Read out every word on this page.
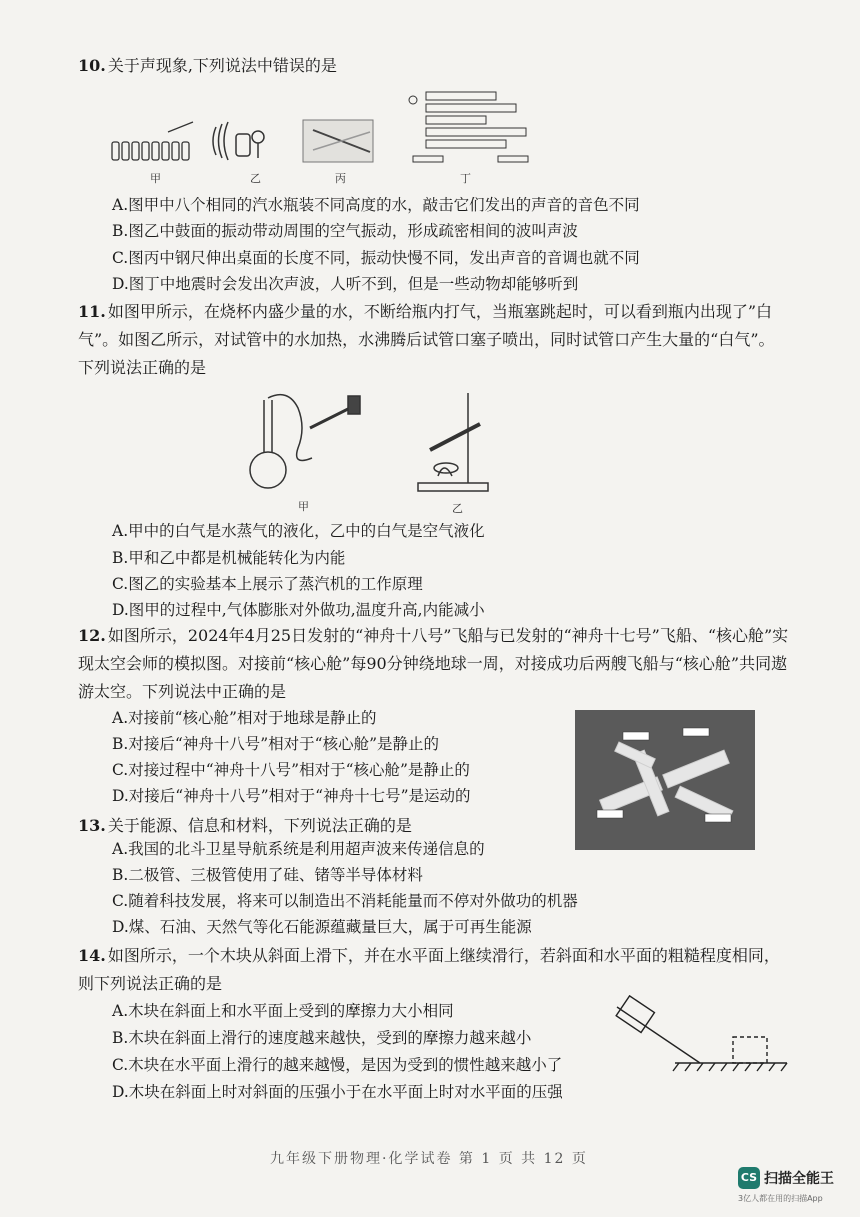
10. 关于声现象,下列说法中错误的是

甲	乙	丙	丁
A.图甲中八个相同的汽水瓶装不同高度的水，敲击它们发出的声音的音色不同
B.图乙中鼓面的振动带动周围的空气振动，形成疏密相间的波叫声波
C.图丙中钢尺伸出桌面的长度不同，振动快慢不同，发出声音的音调也就不同
D.图丁中地震时会发出次声波，人听不到，但是一些动物却能够听到

11. 如图甲所示，在烧杯内盛少量的水，不断给瓶内打气，当瓶塞跳起时，可以看到瓶内出现了”白气”。如图乙所示，对试管中的水加热，水沸腾后试管口塞子喷出，同时试管口产生大量的“白气”。下列说法正确的是

甲	乙
A.甲中的白气是水蒸气的液化，乙中的白气是空气液化
B.甲和乙中都是机械能转化为内能
C.图乙的实验基本上展示了蒸汽机的工作原理
D.图甲的过程中,气体膨胀对外做功,温度升高,内能减小

12. 如图所示，2024年4月25日发射的“神舟十八号”飞船与已发射的“神舟十七号”飞船、“核心舱”实现太空会师的模拟图。对接前“核心舱”每90分钟绕地球一周，对接成功后两艘飞船与“核心舱”共同遨游太空。下列说法中正确的是

A.对接前“核心舱”相对于地球是静止的
B.对接后“神舟十八号”相对于“核心舱”是静止的
C.对接过程中“神舟十八号”相对于“核心舱”是静止的
D.对接后“神舟十八号”相对于“神舟十七号”是运动的

13. 关于能源、信息和材料，下列说法正确的是

A.我国的北斗卫星导航系统是利用超声波来传递信息的
B.二极管、三极管使用了硅、锗等半导体材料
C.随着科技发展，将来可以制造出不消耗能量而不停对外做功的机器
D.煤、石油、天然气等化石能源蕴藏量巨大，属于可再生能源

14. 如图所示，一个木块从斜面上滑下，并在水平面上继续滑行，若斜面和水平面的粗糙程度相同，则下列说法正确的是

A.木块在斜面上和水平面上受到的摩擦力大小相同
B.木块在斜面上滑行的速度越来越快，受到的摩擦力越来越小
C.木块在水平面上滑行的越来越慢，是因为受到的惯性越来越小了
D.木块在斜面上时对斜面的压强小于在水平面上时对水平面的压强
九年级下册物理·化学试卷 第 1 页 共 12 页
CS 扫描全能王
3亿人都在用的扫描App
